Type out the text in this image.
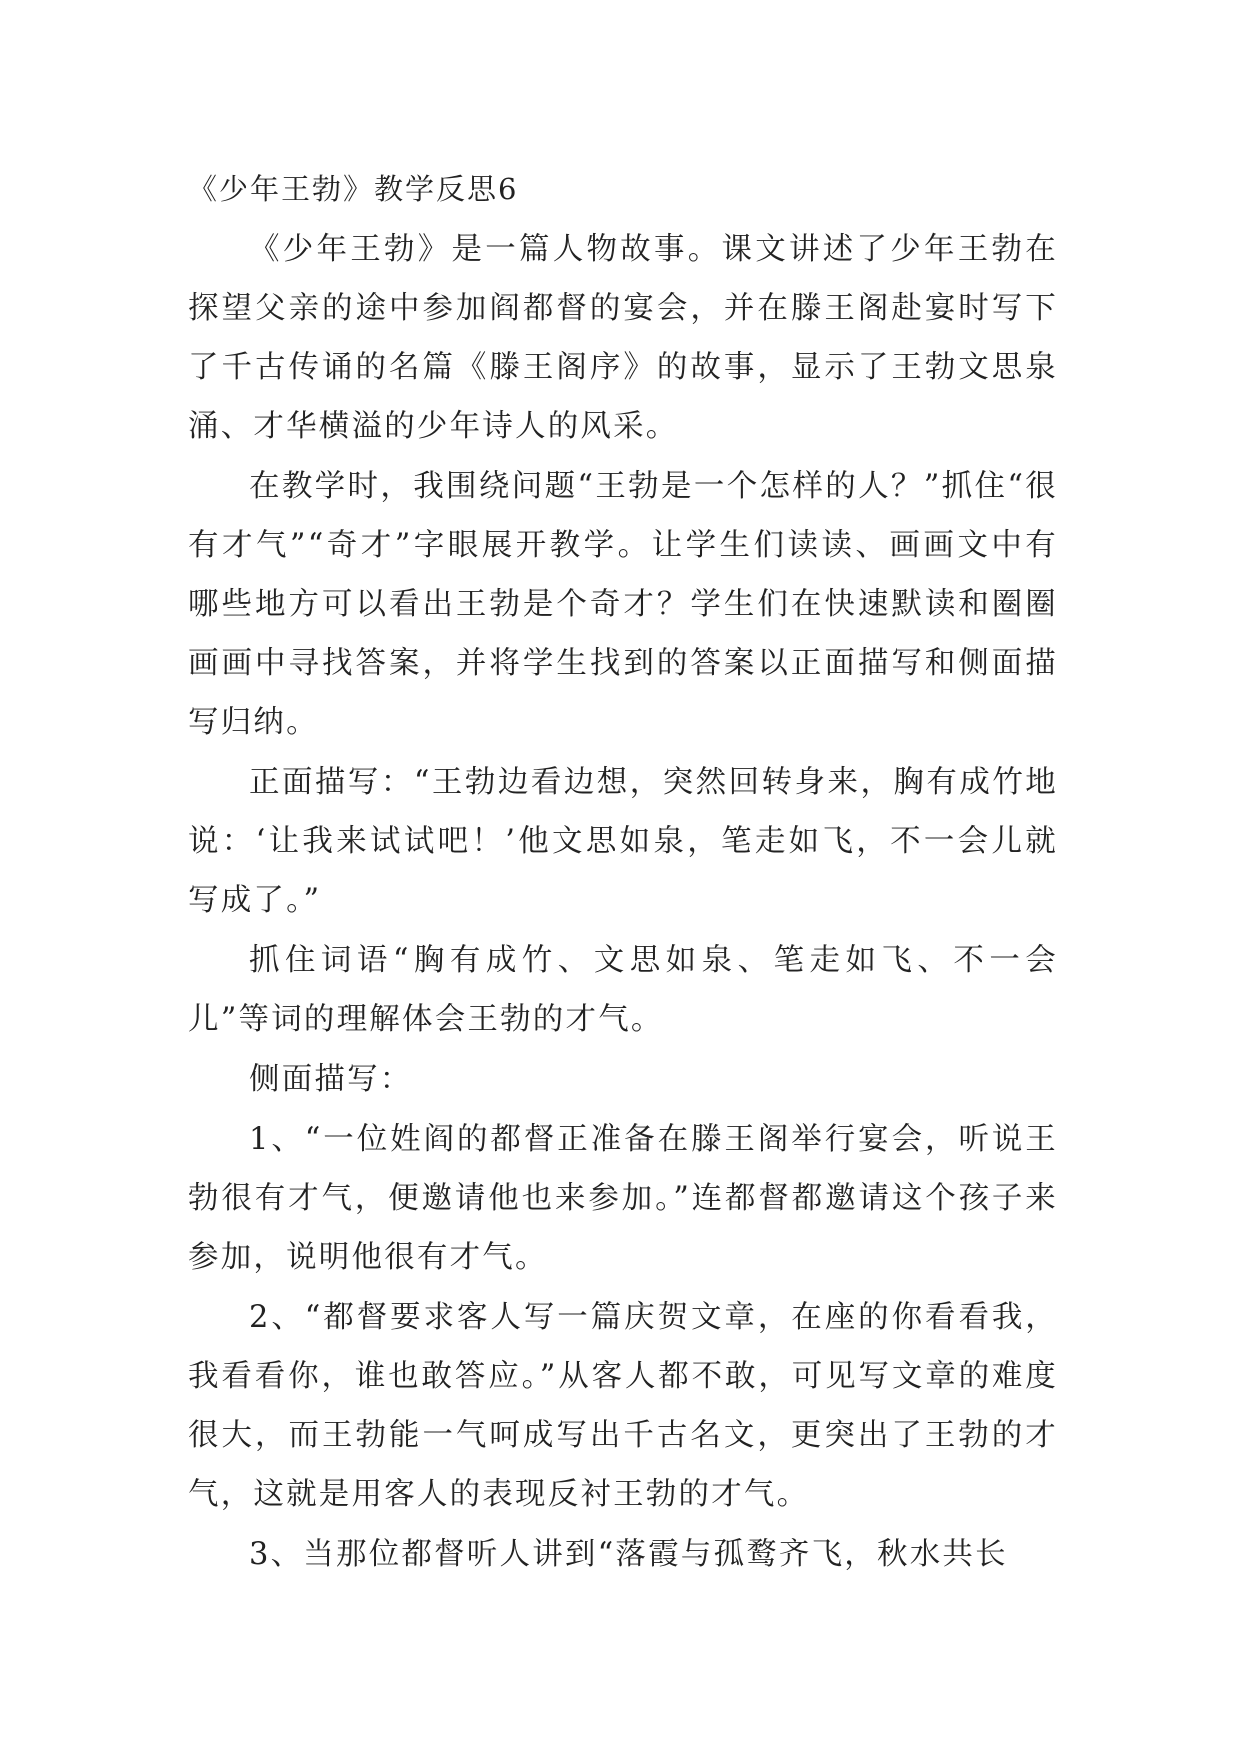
《少年王勃》教学反思6

《少年王勃》是一篇人物故事。课文讲述了少年王勃在探望父亲的途中参加阎都督的宴会，并在滕王阁赴宴时写下了千古传诵的名篇《滕王阁序》的故事，显示了王勃文思泉涌、才华横溢的少年诗人的风采。

在教学时，我围绕问题“王勃是一个怎样的人？”抓住“很有才气”“奇才”字眼展开教学。让学生们读读、画画文中有哪些地方可以看出王勃是个奇才？学生们在快速默读和圈圈画画中寻找答案，并将学生找到的答案以正面描写和侧面描写归纳。

正面描写：“王勃边看边想，突然回转身来，胸有成竹地说：‘让我来试试吧！’他文思如泉，笔走如飞，不一会儿就写成了。”

抓住词语“胸有成竹、文思如泉、笔走如飞、不一会儿”等词的理解体会王勃的才气。

侧面描写：

1、“一位姓阎的都督正准备在滕王阁举行宴会，听说王勃很有才气，便邀请他也来参加。”连都督都邀请这个孩子来参加，说明他很有才气。

2、“都督要求客人写一篇庆贺文章，在座的你看看我，我看看你，谁也敢答应。”从客人都不敢，可见写文章的难度很大，而王勃能一气呵成写出千古名文，更突出了王勃的才气，这就是用客人的表现反衬王勃的才气。

3、当那位都督听人讲到“落霞与孤鹜齐飞，秋水共长
